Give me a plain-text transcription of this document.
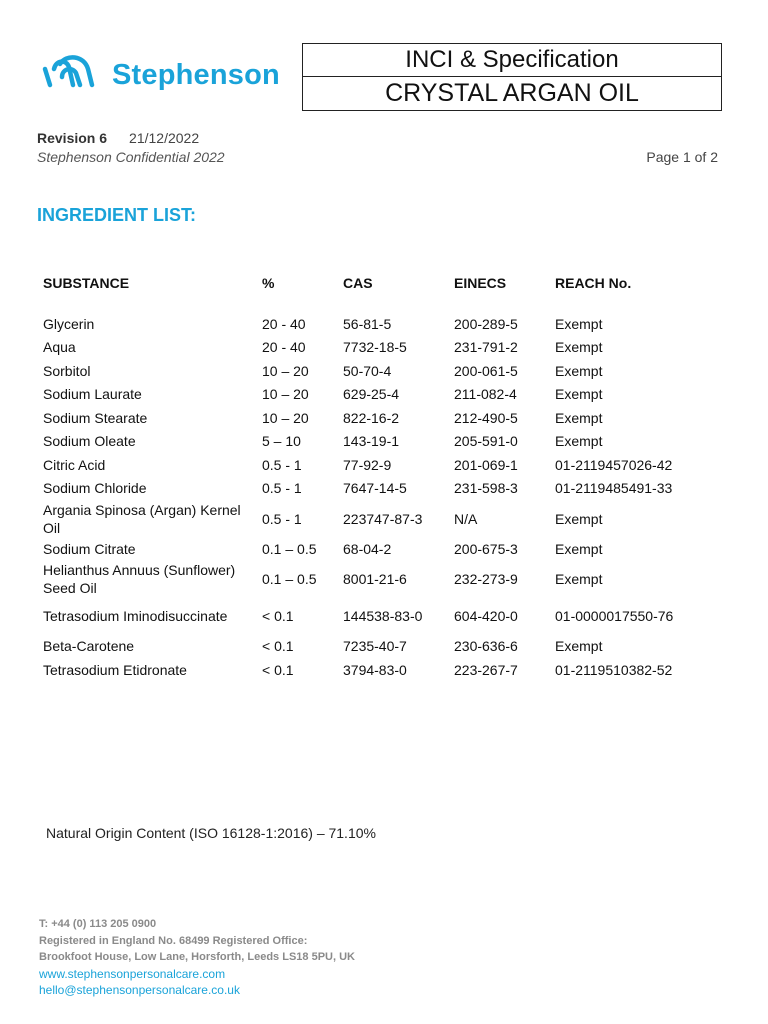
Stephenson	INCI & Specification
CRYSTAL ARGAN OIL
Revision 6 21/12/2022
Stephenson Confidential 2022	Page 1 of 2
INGREDIENT LIST:
SUBSTANCE	%	CAS	EINECS	REACH No.

Glycerin	20 - 40	56-81-5	200-289-5	Exempt
Aqua	20 - 40	7732-18-5	231-791-2	Exempt
Sorbitol	10 – 20	50-70-4	200-061-5	Exempt
Sodium Laurate	10 – 20	629-25-4	211-082-4	Exempt
Sodium Stearate	10 – 20	822-16-2	212-490-5	Exempt
Sodium Oleate	5 – 10	143-19-1	205-591-0	Exempt
Citric Acid	0.5 - 1	77-92-9	201-069-1	01-2119457026-42
Sodium Chloride	0.5 - 1	7647-14-5	231-598-3	01-2119485491-33
Argania Spinosa (Argan) Kernel Oil	0.5 - 1	223747-87-3	N/A	Exempt
Sodium Citrate	0.1 – 0.5	68-04-2	200-675-3	Exempt
Helianthus Annuus (Sunflower) Seed Oil	0.1 – 0.5	8001-21-6	232-273-9	Exempt
Tetrasodium Iminodisuccinate	< 0.1	144538-83-0	604-420-0	01-0000017550-76
Beta-Carotene	< 0.1	7235-40-7	230-636-6	Exempt
Tetrasodium Etidronate	< 0.1	3794-83-0	223-267-7	01-2119510382-52
Natural Origin Content (ISO 16128-1:2016) – 71.10%
T: +44 (0) 113 205 0900
Registered in England No. 68499 Registered Office:
Brookfoot House, Low Lane, Horsforth, Leeds LS18 5PU, UK
www.stephensonpersonalcare.com
hello@stephensonpersonalcare.co.uk
